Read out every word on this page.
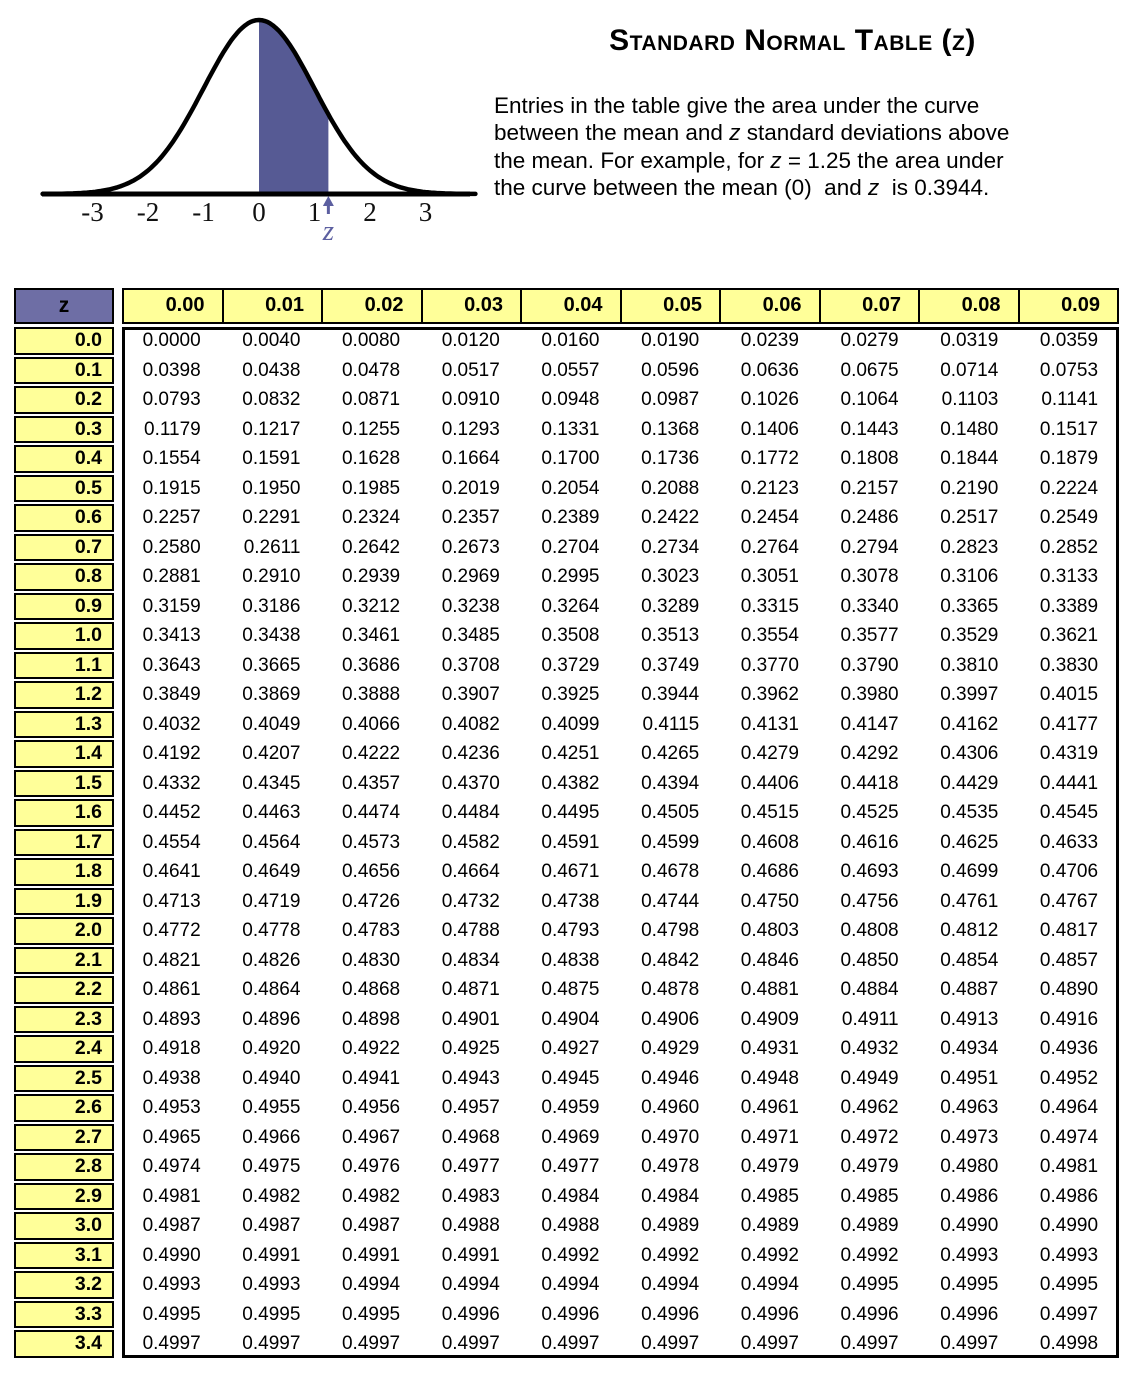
-3 -2 -1 0 1 2 3
z
Standard Normal Table (z)
Entries in the table give the area under the curve
between the mean and z standard deviations above
the mean. For example, for z = 1.25 the area under
the curve between the mean (0)  and z  is 0.3944.
z	0.00	0.01	0.02	0.03	0.04	0.05	0.06	0.07	0.08	0.09
0.0	0.0000	0.0040	0.0080	0.0120	0.0160	0.0190	0.0239	0.0279	0.0319	0.0359
0.1	0.0398	0.0438	0.0478	0.0517	0.0557	0.0596	0.0636	0.0675	0.0714	0.0753
0.2	0.0793	0.0832	0.0871	0.0910	0.0948	0.0987	0.1026	0.1064	0.1103	0.1141
0.3	0.1179	0.1217	0.1255	0.1293	0.1331	0.1368	0.1406	0.1443	0.1480	0.1517
0.4	0.1554	0.1591	0.1628	0.1664	0.1700	0.1736	0.1772	0.1808	0.1844	0.1879
0.5	0.1915	0.1950	0.1985	0.2019	0.2054	0.2088	0.2123	0.2157	0.2190	0.2224
0.6	0.2257	0.2291	0.2324	0.2357	0.2389	0.2422	0.2454	0.2486	0.2517	0.2549
0.7	0.2580	0.2611	0.2642	0.2673	0.2704	0.2734	0.2764	0.2794	0.2823	0.2852
0.8	0.2881	0.2910	0.2939	0.2969	0.2995	0.3023	0.3051	0.3078	0.3106	0.3133
0.9	0.3159	0.3186	0.3212	0.3238	0.3264	0.3289	0.3315	0.3340	0.3365	0.3389
1.0	0.3413	0.3438	0.3461	0.3485	0.3508	0.3513	0.3554	0.3577	0.3529	0.3621
1.1	0.3643	0.3665	0.3686	0.3708	0.3729	0.3749	0.3770	0.3790	0.3810	0.3830
1.2	0.3849	0.3869	0.3888	0.3907	0.3925	0.3944	0.3962	0.3980	0.3997	0.4015
1.3	0.4032	0.4049	0.4066	0.4082	0.4099	0.4115	0.4131	0.4147	0.4162	0.4177
1.4	0.4192	0.4207	0.4222	0.4236	0.4251	0.4265	0.4279	0.4292	0.4306	0.4319
1.5	0.4332	0.4345	0.4357	0.4370	0.4382	0.4394	0.4406	0.4418	0.4429	0.4441
1.6	0.4452	0.4463	0.4474	0.4484	0.4495	0.4505	0.4515	0.4525	0.4535	0.4545
1.7	0.4554	0.4564	0.4573	0.4582	0.4591	0.4599	0.4608	0.4616	0.4625	0.4633
1.8	0.4641	0.4649	0.4656	0.4664	0.4671	0.4678	0.4686	0.4693	0.4699	0.4706
1.9	0.4713	0.4719	0.4726	0.4732	0.4738	0.4744	0.4750	0.4756	0.4761	0.4767
2.0	0.4772	0.4778	0.4783	0.4788	0.4793	0.4798	0.4803	0.4808	0.4812	0.4817
2.1	0.4821	0.4826	0.4830	0.4834	0.4838	0.4842	0.4846	0.4850	0.4854	0.4857
2.2	0.4861	0.4864	0.4868	0.4871	0.4875	0.4878	0.4881	0.4884	0.4887	0.4890
2.3	0.4893	0.4896	0.4898	0.4901	0.4904	0.4906	0.4909	0.4911	0.4913	0.4916
2.4	0.4918	0.4920	0.4922	0.4925	0.4927	0.4929	0.4931	0.4932	0.4934	0.4936
2.5	0.4938	0.4940	0.4941	0.4943	0.4945	0.4946	0.4948	0.4949	0.4951	0.4952
2.6	0.4953	0.4955	0.4956	0.4957	0.4959	0.4960	0.4961	0.4962	0.4963	0.4964
2.7	0.4965	0.4966	0.4967	0.4968	0.4969	0.4970	0.4971	0.4972	0.4973	0.4974
2.8	0.4974	0.4975	0.4976	0.4977	0.4977	0.4978	0.4979	0.4979	0.4980	0.4981
2.9	0.4981	0.4982	0.4982	0.4983	0.4984	0.4984	0.4985	0.4985	0.4986	0.4986
3.0	0.4987	0.4987	0.4987	0.4988	0.4988	0.4989	0.4989	0.4989	0.4990	0.4990
3.1	0.4990	0.4991	0.4991	0.4991	0.4992	0.4992	0.4992	0.4992	0.4993	0.4993
3.2	0.4993	0.4993	0.4994	0.4994	0.4994	0.4994	0.4994	0.4995	0.4995	0.4995
3.3	0.4995	0.4995	0.4995	0.4996	0.4996	0.4996	0.4996	0.4996	0.4996	0.4997
3.4	0.4997	0.4997	0.4997	0.4997	0.4997	0.4997	0.4997	0.4997	0.4997	0.4998
